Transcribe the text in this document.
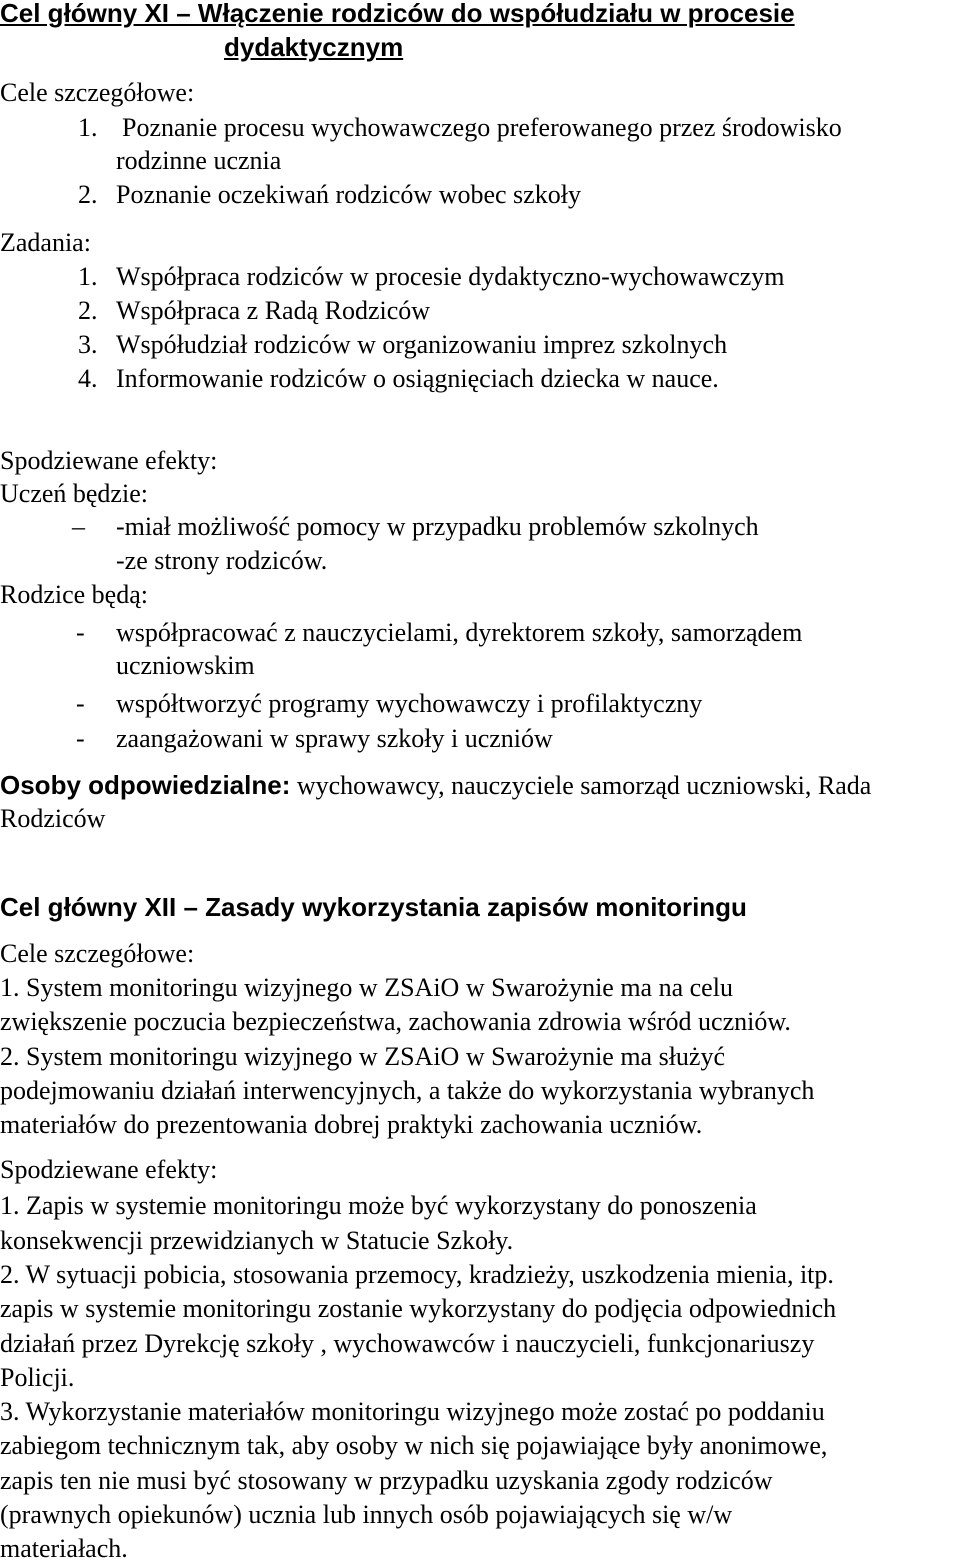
Cel główny XI – Włączenie rodziców do współudziału w procesie
dydaktycznym
Cele szczegółowe:
1. Poznanie procesu wychowawczego preferowanego przez środowisko
rodzinne ucznia
2. Poznanie oczekiwań rodziców wobec szkoły
Zadania:
1. Współpraca rodziców w procesie dydaktyczno-wychowawczym
2. Współpraca z Radą Rodziców
3. Współudział rodziców w organizowaniu imprez szkolnych
4. Informowanie rodziców o osiągnięciach dziecka w nauce.
Spodziewane efekty:
Uczeń będzie:
– -miał możliwość pomocy w przypadku problemów szkolnych
-ze strony rodziców.
Rodzice będą:
- współpracować z nauczycielami, dyrektorem szkoły, samorządem
uczniowskim
- współtworzyć programy wychowawczy i profilaktyczny
- zaangażowani w sprawy szkoły i uczniów
Osoby odpowiedzialne: wychowawcy, nauczyciele samorząd uczniowski, Rada
Rodziców
Cel główny XII – Zasady wykorzystania zapisów monitoringu
Cele szczegółowe:
1. System monitoringu wizyjnego w ZSAiO w Swarożynie ma na celu
zwiększenie poczucia bezpieczeństwa, zachowania zdrowia wśród uczniów.
2. System monitoringu wizyjnego w ZSAiO w Swarożynie ma służyć
podejmowaniu działań interwencyjnych, a także do wykorzystania wybranych
materiałów do prezentowania dobrej praktyki zachowania uczniów.
Spodziewane efekty:
1. Zapis w systemie monitoringu może być wykorzystany do ponoszenia
konsekwencji przewidzianych w Statucie Szkoły.
2. W sytuacji pobicia, stosowania przemocy, kradzieży, uszkodzenia mienia, itp.
zapis w systemie monitoringu zostanie wykorzystany do podjęcia odpowiednich
działań przez Dyrekcję szkoły , wychowawców i nauczycieli, funkcjonariuszy
Policji.
3. Wykorzystanie materiałów monitoringu wizyjnego może zostać po poddaniu
zabiegom technicznym tak, aby osoby w nich się pojawiające były anonimowe,
zapis ten nie musi być stosowany w przypadku uzyskania zgody rodziców
(prawnych opiekunów) ucznia lub innych osób pojawiających się w/w
materiałach.
